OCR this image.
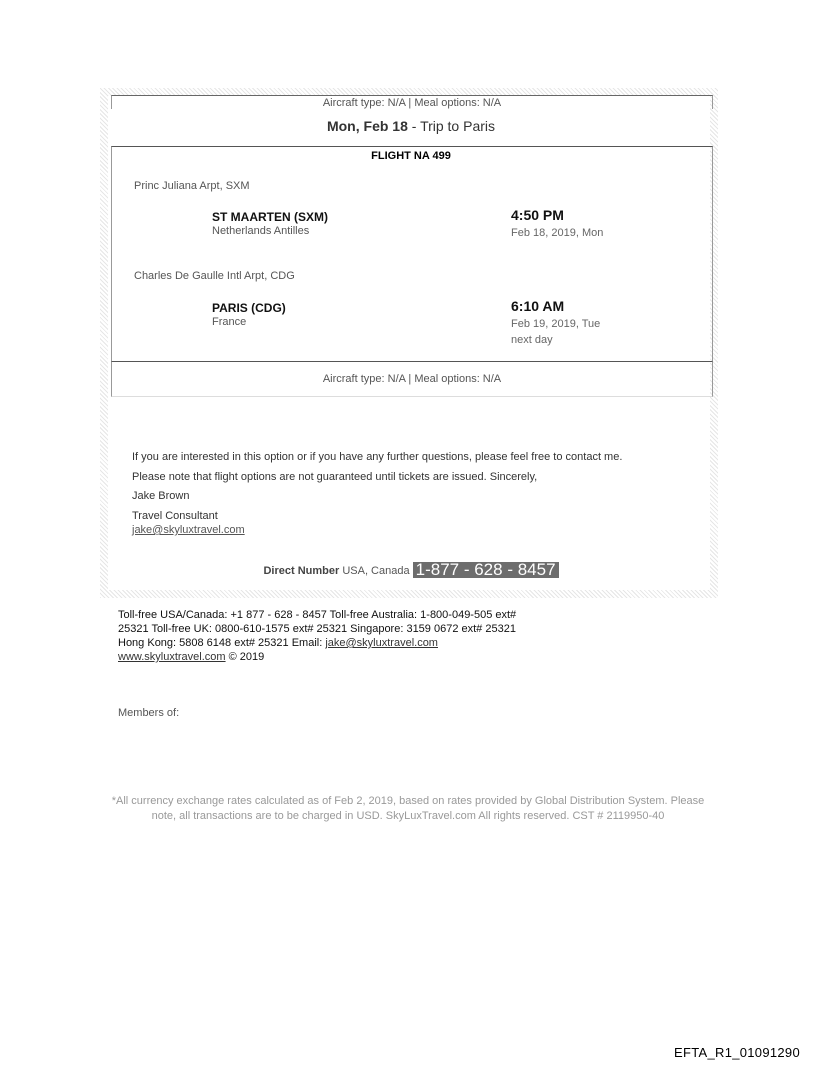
Aircraft type: N/A | Meal options: N/A
Mon, Feb 18 - Trip to Paris
FLIGHT NA 499
Princ Juliana Arpt, SXM
ST MAARTEN (SXM)
Netherlands Antilles
4:50 PM
Feb 18, 2019, Mon
Charles De Gaulle Intl Arpt, CDG
PARIS (CDG)
France
6:10 AM
Feb 19, 2019, Tue
next day
Aircraft type: N/A | Meal options: N/A
If you are interested in this option or if you have any further questions, please feel free to contact me.
Please note that flight options are not guaranteed until tickets are issued. Sincerely,
Jake Brown
Travel Consultant
jake@skyluxtravel.com
Direct Number USA, Canada 1-877 - 628 - 8457
Toll-free USA/Canada: +1 877 - 628 - 8457 Toll-free Australia: 1-800-049-505 ext# 25321 Toll-free UK: 0800-610-1575 ext# 25321 Singapore: 3159 0672 ext# 25321 Hong Kong: 5808 6148 ext# 25321 Email: jake@skyluxtravel.com www.skyluxtravel.com © 2019
Members of:
*All currency exchange rates calculated as of Feb 2, 2019, based on rates provided by Global Distribution System. Please note, all transactions are to be charged in USD. SkyLuxTravel.com All rights reserved. CST # 2119950-40
EFTA_R1_01091290
